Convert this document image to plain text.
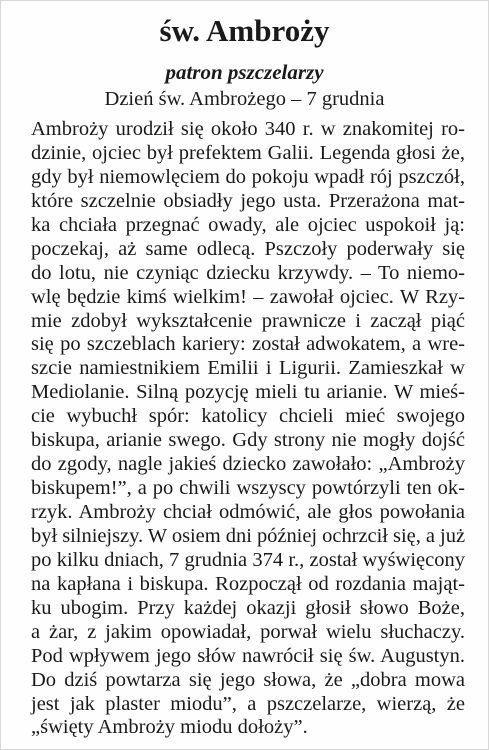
św. Ambroży
patron pszczelarzy
Dzień św. Ambrożego – 7 grudnia
Ambroży urodził się około 340 r. w znakomitej ro-
dzinie, ojciec był prefektem Galii. Legenda głosi że,
gdy był niemowlęciem do pokoju wpadł rój pszczół,
które szczelnie obsiadły jego usta. Przerażona mat-
ka chciała przegnać owady, ale ojciec uspokoił ją:
poczekaj, aż same odlecą. Pszczoły poderwały się
do lotu, nie czyniąc dziecku krzywdy. – To niemo-
wlę będzie kimś wielkim! – zawołał ojciec. W Rzy-
mie zdobył wykształcenie prawnicze i zaczął piąć
się po szczeblach kariery: został adwokatem, a wre-
szcie namiestnikiem Emilii i Ligurii. Zamieszkał w
Mediolanie. Silną pozycję mieli tu arianie. W mieś-
cie wybuchł spór: katolicy chcieli mieć swojego
biskupa, arianie swego. Gdy strony nie mogły dojść
do zgody, nagle jakieś dziecko zawołało: „Ambroży
biskupem!”, a po chwili wszyscy powtórzyli ten ok-
rzyk. Ambroży chciał odmówić, ale głos powołania
był silniejszy. W osiem dni później ochrzcił się, a już
po kilku dniach, 7 grudnia 374 r., został wyświęcony
na kapłana i biskupa. Rozpoczął od rozdania mająt-
ku ubogim. Przy każdej okazji głosił słowo Boże,
a żar, z jakim opowiadał, porwał wielu słuchaczy.
Pod wpływem jego słów nawrócił się św. Augustyn.
Do dziś powtarza się jego słowa, że „dobra mowa
jest jak plaster miodu”, a pszczelarze, wierzą, że
„święty Ambroży miodu dołoży”.
